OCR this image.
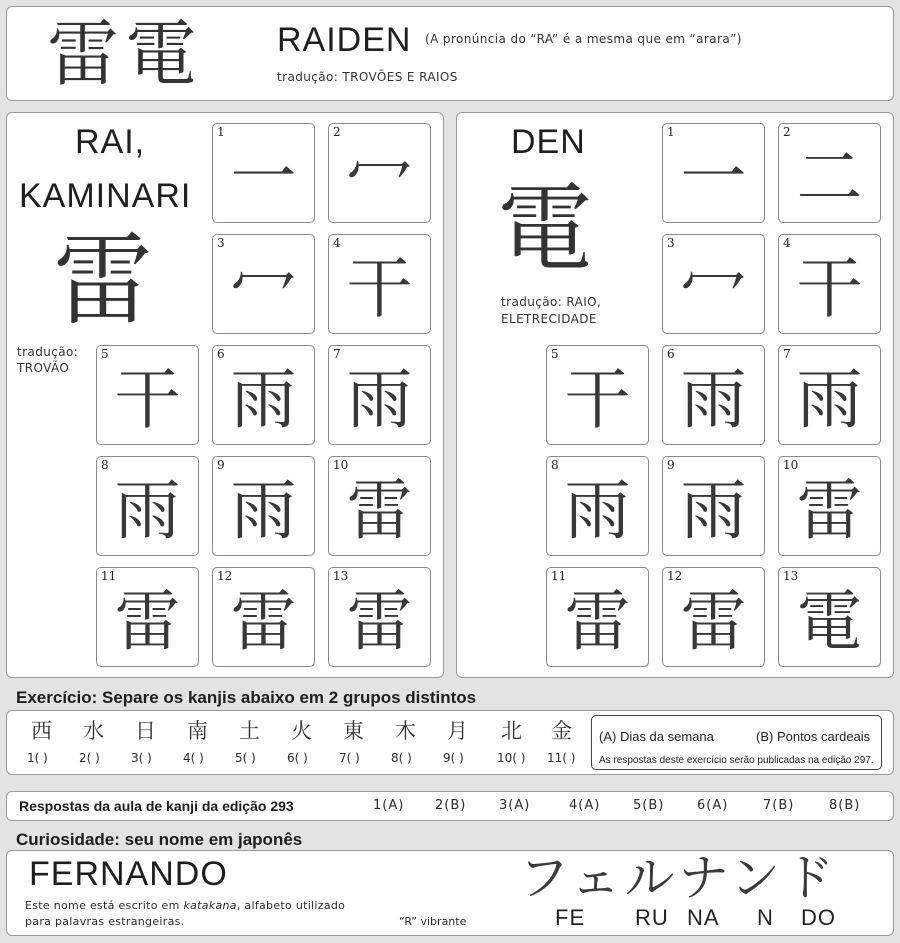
雷電 RAIDEN (A pronúncia do “RA” é a mesma que em “arara”)
tradução: TROVÕES E RAIOS
RAI,
KAMINARI
雷
tradução:
TROVÃO
1
一
2
冖
3
冖
4
干
5
干
6
雨
7
雨
8
雨
9
雨
10
雷
11
雷
12
雷
13
雷
DEN
電
tradução: RAIO,
ELETRECIDADE
1
一
2
二
3
冖
4
干
5
干
6
雨
7
雨
8
雨
9
雨
10
雷
11
雷
12
雷
13
電
Exercício: Separe os kanjis abaixo em 2 grupos distintos
西 水 日 南 土 火 東 木 月 北 金
1( )	2( )	3( )	4( )	5( )	6( )	7( )	8( )	9( )	10( ) 11( )
(A) Dias da semana	(B) Pontos cardeais
As respostas deste exercício serão publicadas na edição 297.
Respostas da aula de kanji da edição 293	1(A) 2(B)	3(A)	4(A)	5(B)	6(A)	7(B)	8(B)
Curiosidade: seu nome em japonês
FERNANDO
Este nome está escrito em katakana, alfabeto utilizado
para palavras estrangeiras.	“R” vibrante
フェルナンド
FE RU NA N DO
